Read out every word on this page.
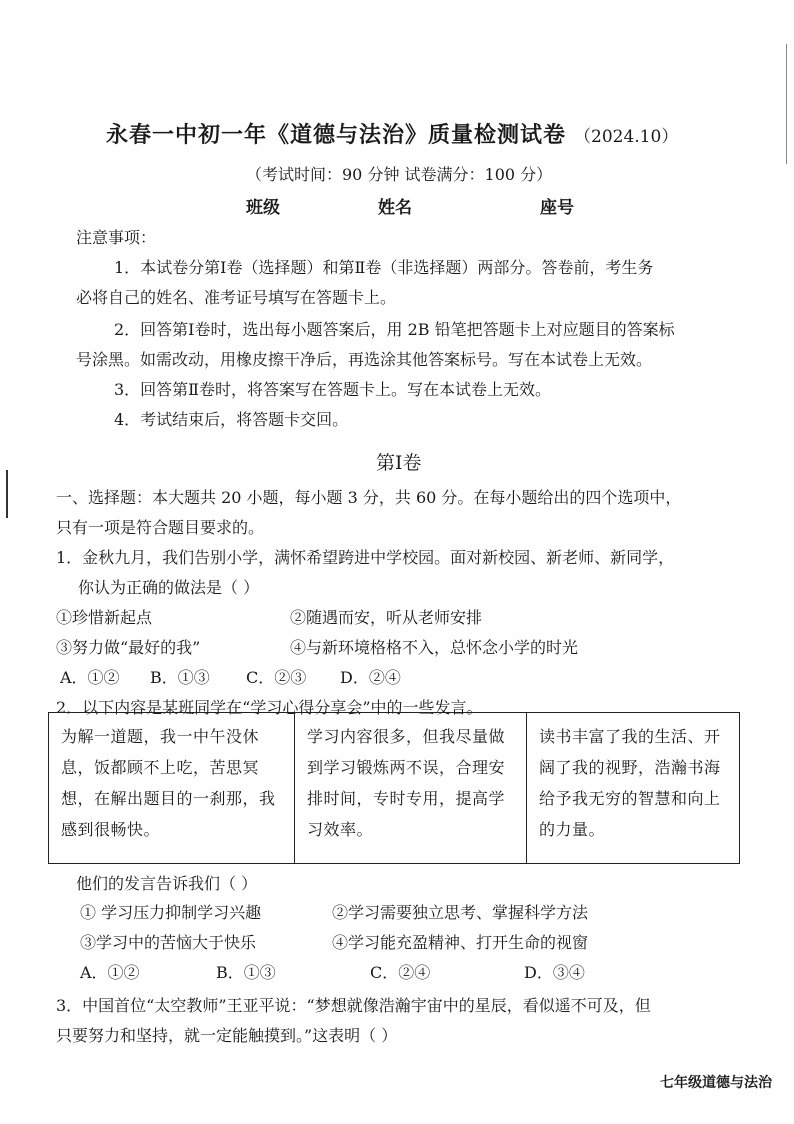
永春一中初一年《道德与法治》质量检测试卷 （2024.10）
（考试时间：90 分钟 试卷满分：100 分）
班级	姓名	座号
注意事项：
1．本试卷分第Ⅰ卷（选择题）和第Ⅱ卷（非选择题）两部分。答卷前，考生务
必将自己的姓名、准考证号填写在答题卡上。
2．回答第Ⅰ卷时，选出每小题答案后，用 2B 铅笔把答题卡上对应题目的答案标
号涂黑。如需改动，用橡皮擦干净后，再选涂其他答案标号。写在本试卷上无效。
3．回答第Ⅱ卷时，将答案写在答题卡上。写在本试卷上无效。
4．考试结束后，将答题卡交回。
第Ⅰ卷
一、选择题：本大题共 20 小题，每小题 3 分，共 60 分。在每小题给出的四个选项中，
只有一项是符合题目要求的。
1．金秋九月，我们告别小学，满怀希望跨进中学校园。面对新校园、新老师、新同学，
你认为正确的做法是（ ）
①珍惜新起点	②随遇而安，听从老师安排
③努力做“最好的我”	④与新环境格格不入，总怀念小学的时光
A．①② B．①③ C．②③ D．②④
2．以下内容是某班同学在“学习心得分享会”中的一些发言。
为解一道题，我一中午没休息，饭都顾不上吃，苦思冥想，在解出题目的一刹那，我感到很畅快。
学习内容很多，但我尽量做到学习锻炼两不误，合理安排时间，专时专用，提高学习效率。
读书丰富了我的生活、开阔了我的视野，浩瀚书海给予我无穷的智慧和向上的力量。
他们的发言告诉我们（ ）
① 学习压力抑制学习兴趣	②学习需要独立思考、掌握科学方法
③学习中的苦恼大于快乐	④学习能充盈精神、打开生命的视窗
A．①②	B．①③	C．②④	D．③④
3．中国首位“太空教师”王亚平说：“梦想就像浩瀚宇宙中的星辰，看似遥不可及，但
只要努力和坚持，就一定能触摸到。”这表明（ ）
七年级道德与法治
